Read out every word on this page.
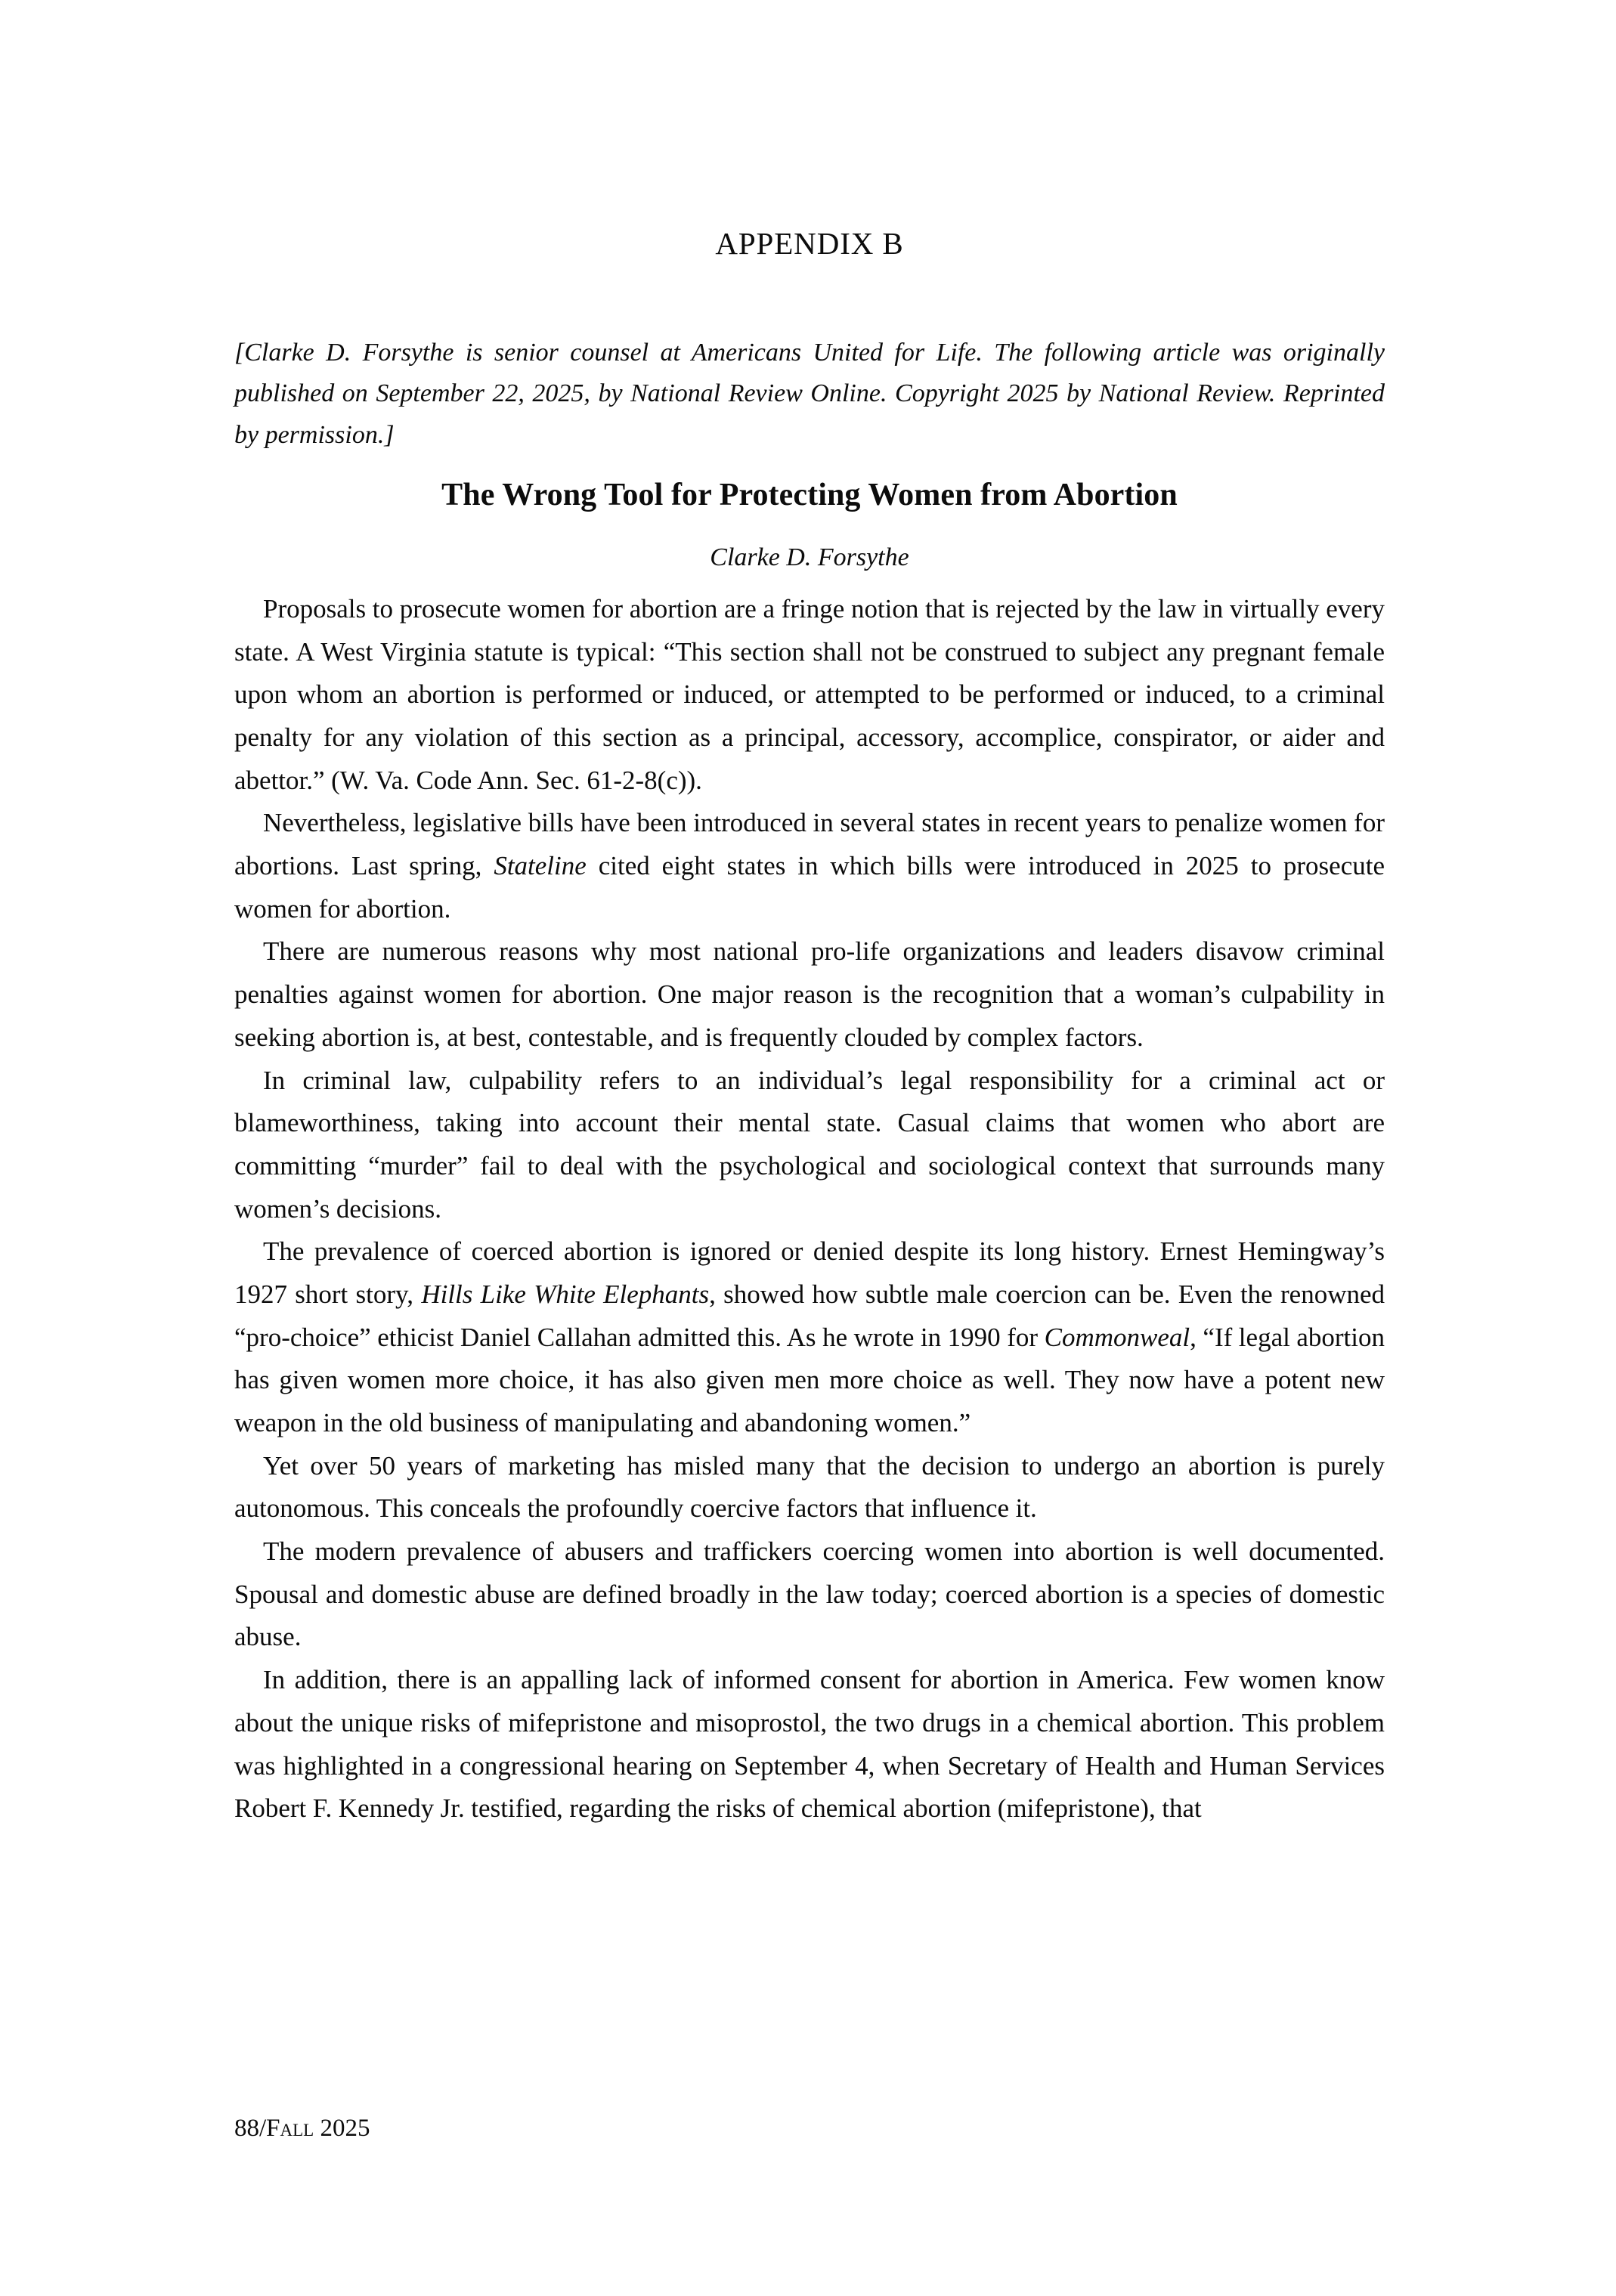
APPENDIX B

[Clarke D. Forsythe is senior counsel at Americans United for Life. The following article was originally published on September 22, 2025, by National Review Online. Copyright 2025 by National Review. Reprinted by permission.]

The Wrong Tool for Protecting Women from Abortion

Clarke D. Forsythe

Proposals to prosecute women for abortion are a fringe notion that is rejected by the law in virtually every state. A West Virginia statute is typical: “This section shall not be construed to subject any pregnant female upon whom an abortion is performed or induced, or attempted to be performed or induced, to a criminal penalty for any violation of this section as a principal, accessory, accomplice, conspirator, or aider and abettor.” (W. Va. Code Ann. Sec. 61-2-8(c)).

Nevertheless, legislative bills have been introduced in several states in recent years to penalize women for abortions. Last spring, Stateline cited eight states in which bills were introduced in 2025 to prosecute women for abortion.

There are numerous reasons why most national pro-life organizations and leaders disavow criminal penalties against women for abortion. One major reason is the recognition that a woman’s culpability in seeking abortion is, at best, contestable, and is frequently clouded by complex factors.

In criminal law, culpability refers to an individual’s legal responsibility for a criminal act or blameworthiness, taking into account their mental state. Casual claims that women who abort are committing “murder” fail to deal with the psychological and sociological context that surrounds many women’s decisions.

The prevalence of coerced abortion is ignored or denied despite its long history. Ernest Hemingway’s 1927 short story, Hills Like White Elephants, showed how subtle male coercion can be. Even the renowned “pro-choice” ethicist Daniel Callahan admitted this. As he wrote in 1990 for Commonweal, “If legal abortion has given women more choice, it has also given men more choice as well. They now have a potent new weapon in the old business of manipulating and abandoning women.”

Yet over 50 years of marketing has misled many that the decision to undergo an abortion is purely autonomous. This conceals the profoundly coercive factors that influence it.

The modern prevalence of abusers and traffickers coercing women into abortion is well documented. Spousal and domestic abuse are defined broadly in the law today; coerced abortion is a species of domestic abuse.

In addition, there is an appalling lack of informed consent for abortion in America. Few women know about the unique risks of mifepristone and misoprostol, the two drugs in a chemical abortion. This problem was highlighted in a congressional hearing on September 4, when Secretary of Health and Human Services Robert F. Kennedy Jr. testified, regarding the risks of chemical abortion (mifepristone), that

88/Fall 2025
